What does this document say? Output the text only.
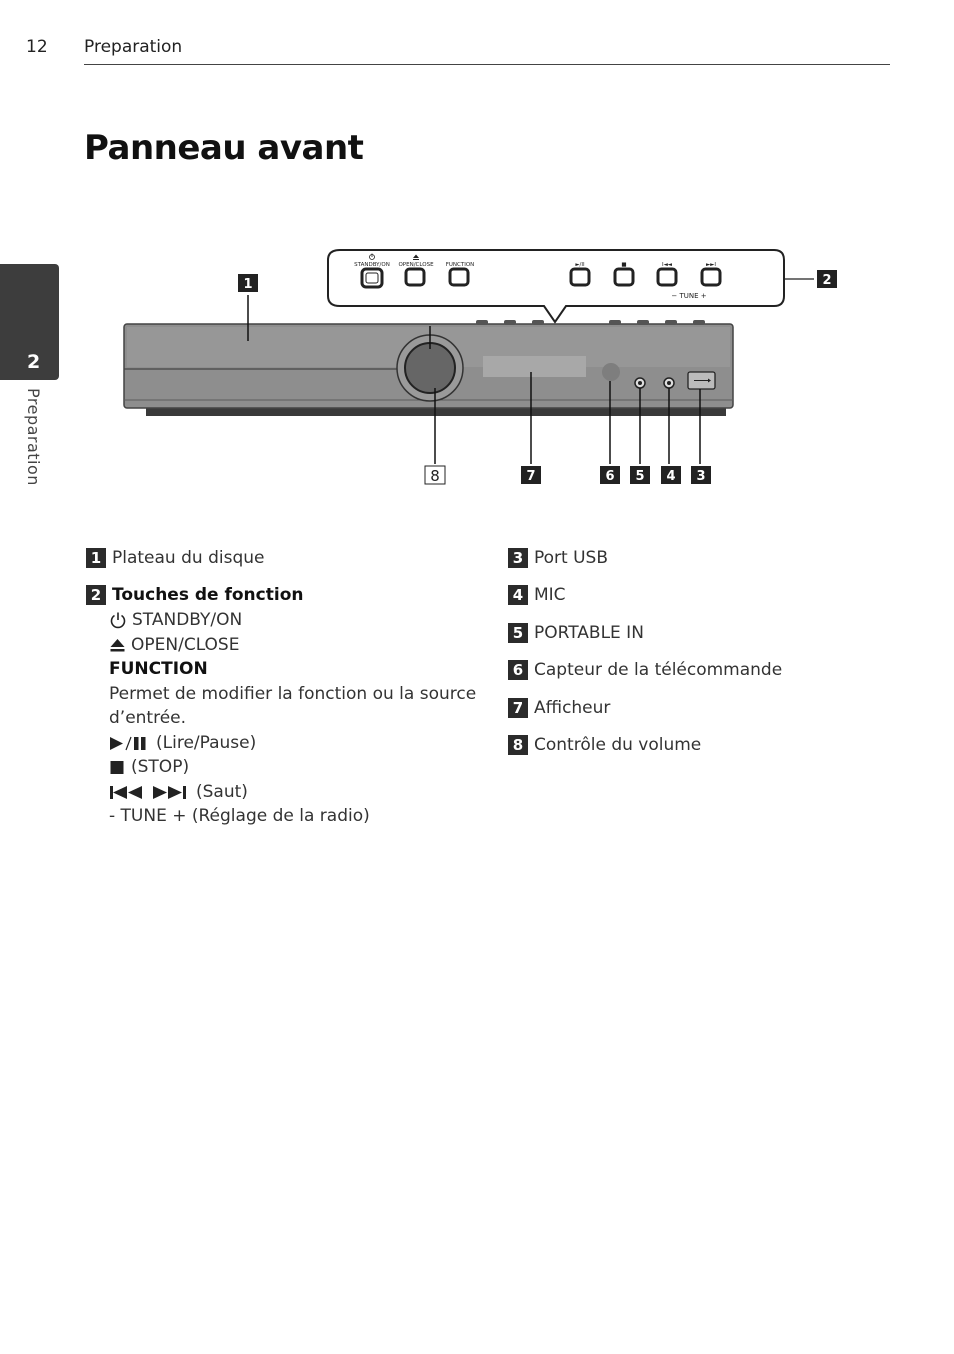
12 Preparation
Panneau avant
2
Preparation
STANDBY/ON OPEN/CLOSE FUNCTION	►/II	■	I◄◄	►►I
− TUNE +
1	2
8	7	6 5 4 3
1 Plateau du disque
2 Touches de fonction
STANDBY/ON
OPEN/CLOSE
FUNCTION
Permet de modifier la fonction ou la source
d’entrée.
(Lire/Pause)
(STOP)
(Saut)
- TUNE + (Réglage de la radio)
3 Port USB
4 MIC
5 PORTABLE IN
6 Capteur de la télécommande
7 Afficheur
8 Contrôle du volume
